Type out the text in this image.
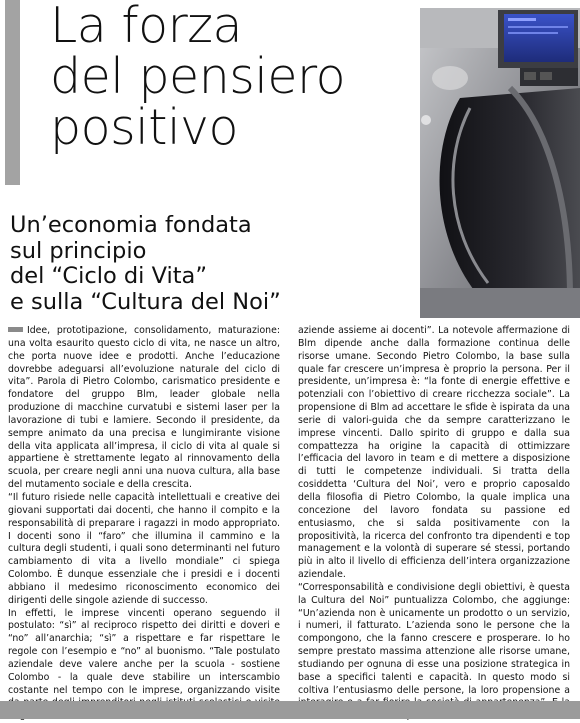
La forza
del pensiero
positivo
Un’economia fondata
sul principio
del “Ciclo di Vita”
e sulla “Cultura del Noi”

Idee, prototipazione, consolidamento, maturazione: una volta esaurito questo ciclo di vita, ne nasce un altro, che porta nuove idee e prodotti. Anche l’educazione dovrebbe adeguarsi all’evoluzione naturale del ciclo di vita”. Parola di Pietro Colombo, carismatico presidente e fondatore del gruppo Blm, leader globale nella produzione di macchine curvatubi e sistemi laser per la lavorazione di tubi e lamiere. Secondo il presidente, da sempre animato da una precisa e lungimirante visione della vita applicata all’impresa, il ciclo di vita al quale si appartiene è strettamente legato al rinnovamento della scuola, per creare negli anni una nuova cultura, alla base del mutamento sociale e della crescita.

“Il futuro risiede nelle capacità intellettuali e creative dei giovani supportati dai docenti, che hanno il compito e la responsabilità di preparare i ragazzi in modo appropriato. I docenti sono il “faro” che illumina il cammino e la cultura degli studenti, i quali sono determinanti nel futuro cambiamento di vita a livello mondiale” ci spiega Colombo. È dunque essenziale che i presidi e i docenti abbiano il medesimo riconoscimento economico dei dirigenti delle singole aziende di successo.

In effetti, le imprese vincenti operano seguendo il postulato: “sì” al reciproco rispetto dei diritti e doveri e “no” all’anarchia; “sì” a rispettare e far rispettare le regole con l’esempio e “no” al buonismo. “Tale postulato aziendale deve valere anche per la scuola - sostiene Colombo - la quale deve stabilire un interscambio costante nel tempo con le imprese, organizzando visite

aziende assieme ai docenti”. La notevole affermazione di Blm dipende anche dalla formazione continua delle risorse umane. Secondo Pietro Colombo, la base sulla quale far crescere un’impresa è proprio la persona. Per il presidente, un’impresa è: “la fonte di energie effettive e potenziali con l’obiettivo di creare ricchezza sociale”. La propensione di Blm ad accettare le sfide è ispirata da una serie di valori-guida che da sempre caratterizzano le imprese vincenti. Dallo spirito di gruppo e dalla sua compattezza ha origine la capacità di ottimizzare l’efficacia del lavoro in team e di mettere a disposizione di tutti le competenze individuali. Si tratta della cosiddetta ‘Cultura del Noi’, vero e proprio caposaldo della filosofia di Pietro Colombo, la quale implica una concezione del lavoro fondata su passione ed entusiasmo, che si salda positivamente con la propositività, la ricerca del confronto tra dipendenti e top management e la volontà di superare sé stessi, portando più in alto il livello di efficienza dell’intera organizzazione aziendale.

“Corresponsabilità e condivisione degli obiettivi, è questa la Cultura del Noi” puntualizza Colombo, che aggiunge: “Un’azienda non è unicamente un prodotto o un servizio, i numeri, il fatturato. L’azienda sono le persone che la compongono, che la fanno crescere e prosperare. Io ho sempre prestato massima attenzione alle risorse umane, studiando per ognuna di esse una posizione strategica in base a specifici talenti e capacità. In questo modo si coltiva l’entusiasmo delle persone, la loro propensione a
